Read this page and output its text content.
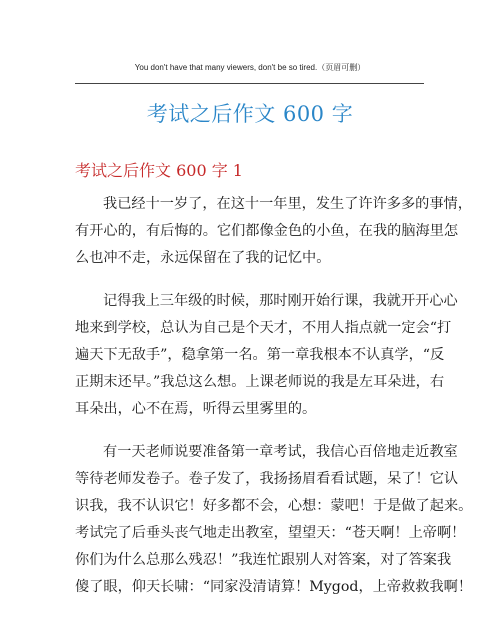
You don't have that many viewers, don't be so tired.（页眉可删）
考试之后作文 600 字
考试之后作文 600 字 1

我已经十一岁了，在这十一年里，发生了许许多多的事情，
有开心的，有后悔的。它们都像金色的小鱼，在我的脑海里怎
么也冲不走，永远保留在了我的记忆中。

记得我上三年级的时候，那时刚开始行课，我就开开心心
地来到学校，总认为自己是个天才，不用人指点就一定会“打
遍天下无敌手”，稳拿第一名。第一章我根本不认真学，“反
正期末还早。”我总这么想。上课老师说的我是左耳朵进，右
耳朵出，心不在焉，听得云里雾里的。

有一天老师说要准备第一章考试，我信心百倍地走近教室
等待老师发卷子。卷子发了，我扬扬眉看看试题，呆了！它认
识我，我不认识它！好多都不会，心想：蒙吧！于是做了起来。
考试完了后垂头丧气地走出教室，望望天：“苍天啊！上帝啊！
你们为什么总那么残忍！”我连忙跟别人对答案，对了答案我
傻了眼，仰天长啸：“同家没清请算！Mygod，上帝救救我啊！
